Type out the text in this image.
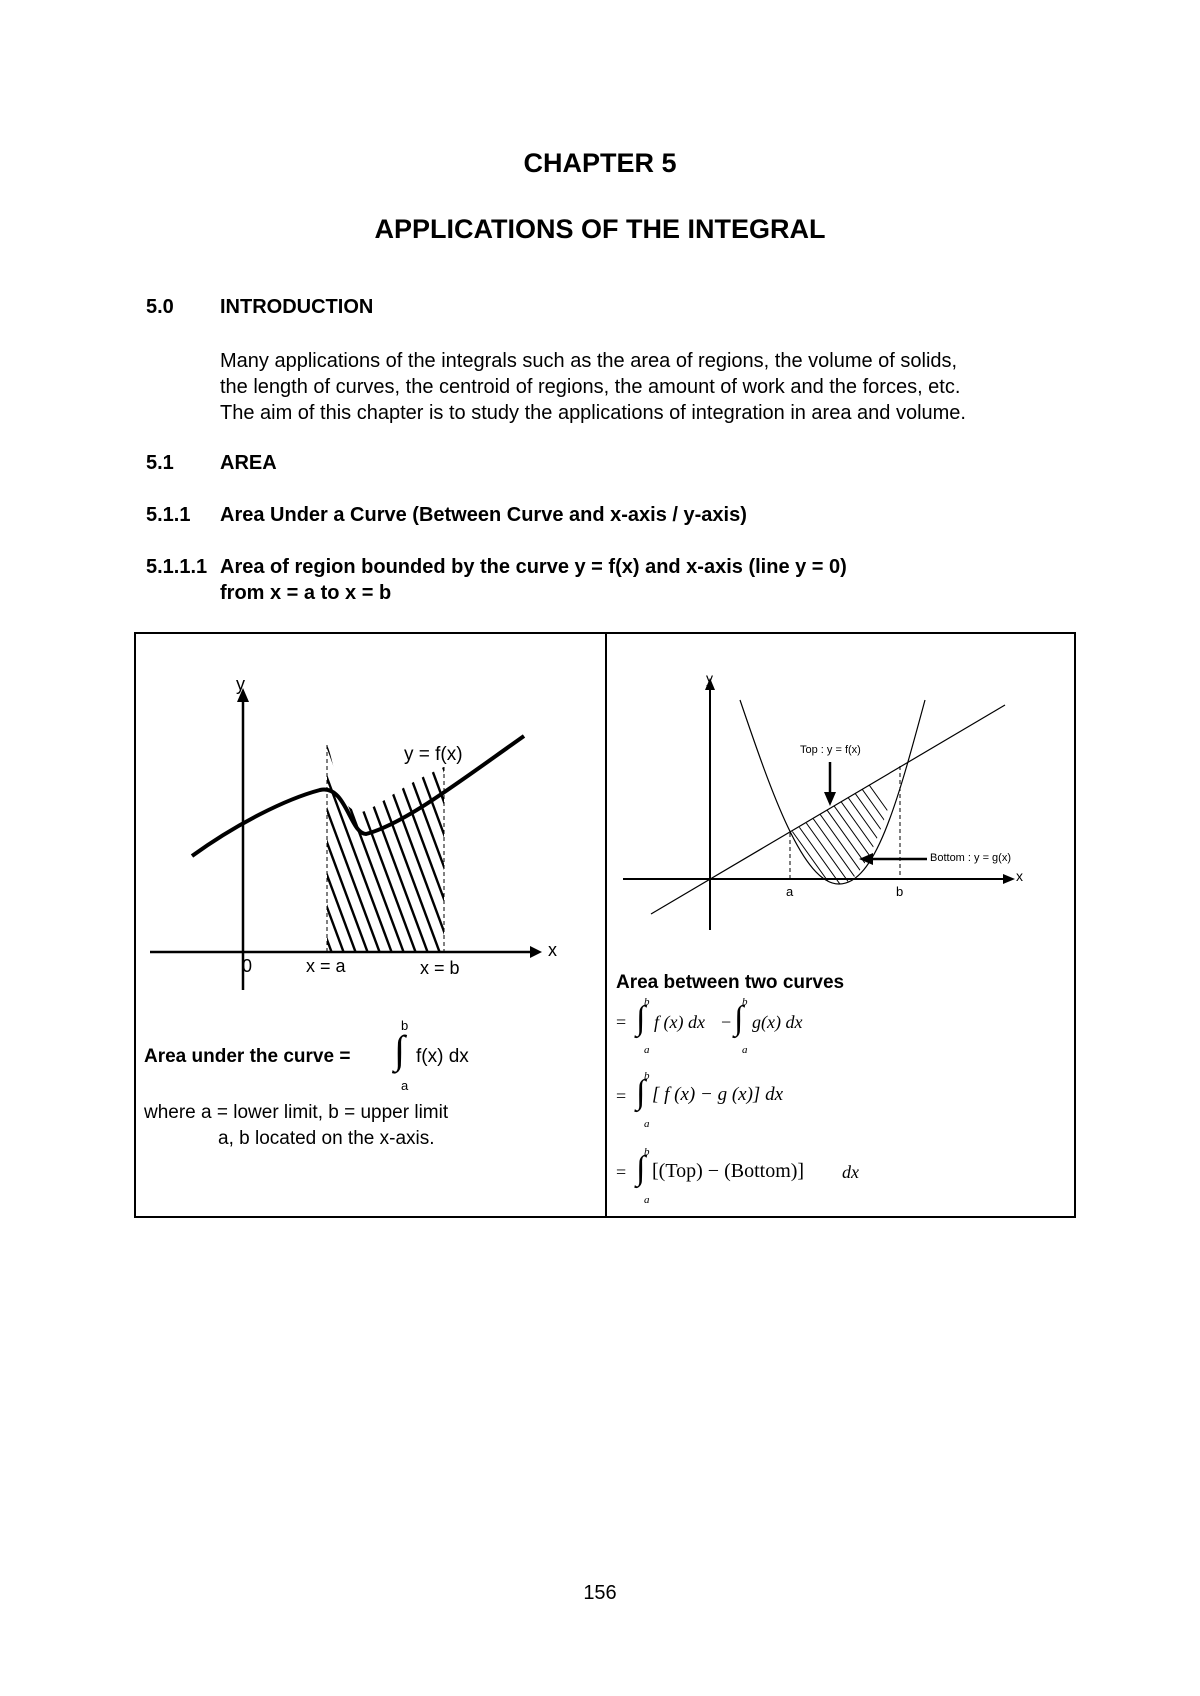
CHAPTER 5
APPLICATIONS OF THE INTEGRAL
5.0 INTRODUCTION
Many applications of the integrals such as the area of regions, the volume of solids,
the length of curves, the centroid of regions, the amount of work and the forces, etc.
The aim of this chapter is to study the applications of integration in area and volume.
5.1 AREA
5.1.1 Area Under a Curve (Between Curve and x-axis / y-axis)
5.1.1.1 Area of region bounded by the curve y = f(x) and x-axis (line y = 0)
from x = a to x = b
y
x
0
y = f(x)
x = a	x = b
Area under the curve =
b
∫
a
f(x) dx
where a = lower limit, b = upper limit
a, b located on the x-axis.
y
x
Top : y = f(x)
Bottom : y = g(x)
a	b
Area between two curves
=
b
∫
a
f (x) dx −
b
∫
a
g(x) dx
=
b
∫
a
[ f (x) − g (x)] dx
=
b
∫
a
[(Top) − (Bottom)] dx
156
